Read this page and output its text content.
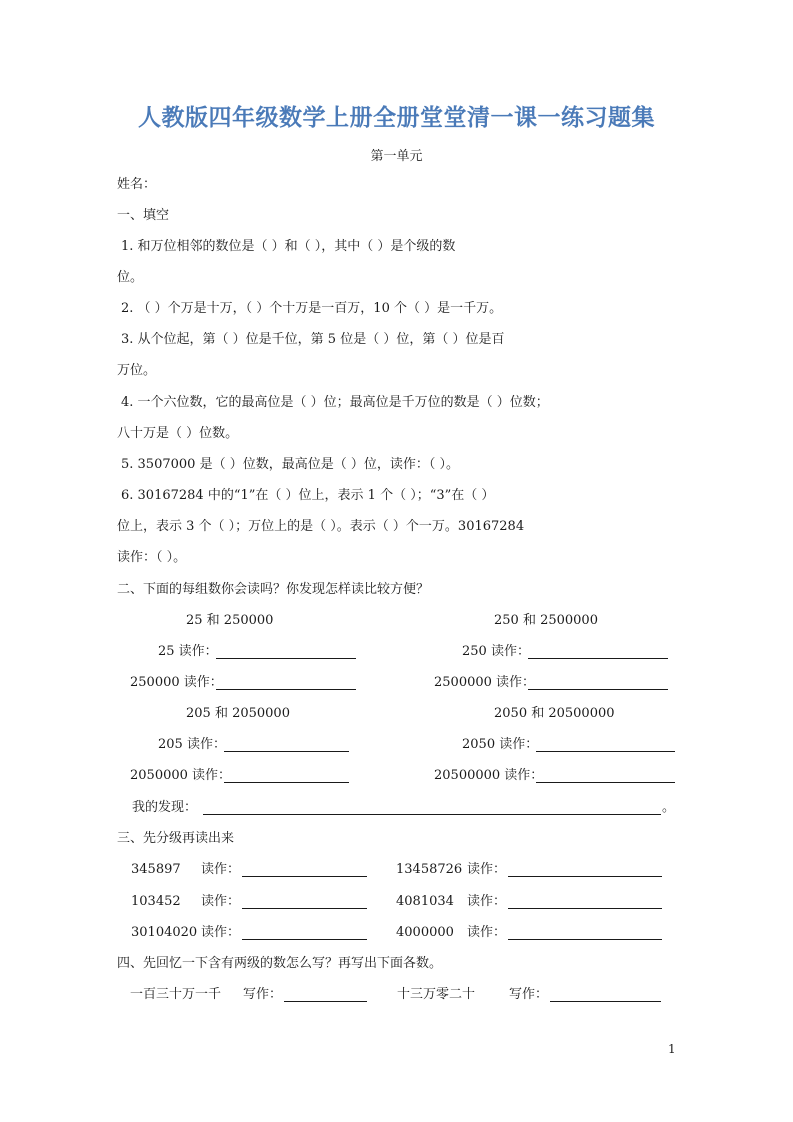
人教版四年级数学上册全册堂堂清一课一练习题集
第一单元
姓名：
一、填空
1. 和万位相邻的数位是（ ）和（ ），其中（ ）是个级的数
位。
2. （ ）个万是十万，（ ）个十万是一百万，10 个（ ）是一千万。
3. 从个位起，第（ ）位是千位，第 5 位是（ ）位，第（ ）位是百
万位。
4. 一个六位数，它的最高位是（ ）位；最高位是千万位的数是（ ）位数；
八十万是（ ）位数。
5. 3507000 是（ ）位数，最高位是（ ）位，读作：（ ）。
6. 30167284 中的“1”在（ ）位上，表示 1 个（ ）；“3”在（ ）
位上，表示 3 个（ ）；万位上的是（ ）。表示（ ）个一万。30167284
读作：（ ）。
二、下面的每组数你会读吗？你发现怎样读比较方便？
25 和 250000	250 和 2500000
25 读作：	250 读作：
250000 读作：	2500000 读作：
205 和 2050000	2050 和 20500000
205 读作：	2050 读作：
2050000 读作：	20500000 读作：
我的发现：	。
三、先分级再读出来
345897 读作：	13458726 读作：
103452 读作：	4081034 读作：
30104020 读作：	4000000 读作：
四、先回忆一下含有两级的数怎么写？再写出下面各数。
一百三十万一千 写作：	十三万零二十	写作：
1
